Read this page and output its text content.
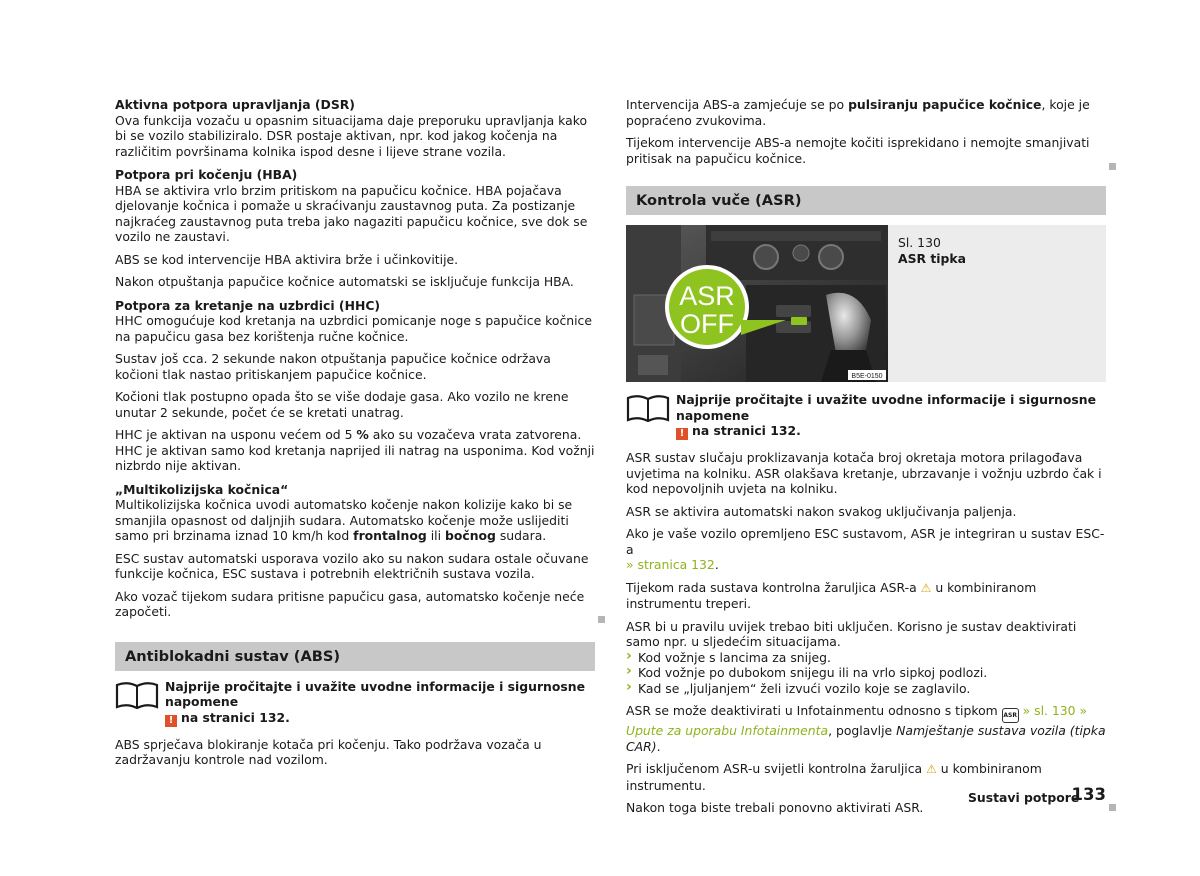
Aktivna potpora upravljanja (DSR)
Ova funkcija vozaču u opasnim situacijama daje preporuku upravljanja kako bi se vozilo stabiliziralo. DSR postaje aktivan, npr. kod jakog kočenja na različitim površinama kolnika ispod desne i lijeve strane vozila.
Potpora pri kočenju (HBA)
HBA se aktivira vrlo brzim pritiskom na papučicu kočnice. HBA pojačava djelovanje kočnica i pomaže u skraćivanju zaustavnog puta. Za postizanje najkraćeg zaustavnog puta treba jako nagaziti papučicu kočnice, sve dok se vozilo ne zaustavi.

ABS se kod intervencije HBA aktivira brže i učinkovitije.

Nakon otpuštanja papučice kočnice automatski se isključuje funkcija HBA.

Potpora za kretanje na uzbrdici (HHC)
HHC omogućuje kod kretanja na uzbrdici pomicanje noge s papučice kočnice na papučicu gasa bez korištenja ručne kočnice.

Sustav još cca. 2 sekunde nakon otpuštanja papučice kočnice održava kočioni tlak nastao pritiskanjem papučice kočnice.

Kočioni tlak postupno opada što se više dodaje gasa. Ako vozilo ne krene unutar 2 sekunde, počet će se kretati unatrag.

HHC je aktivan na usponu većem od 5 % ako su vozačeva vrata zatvorena. HHC je aktivan samo kod kretanja naprijed ili natrag na usponima. Kod vožnji nizbrdo nije aktivan.

„Multikolizijska kočnica“
Multikolizijska kočnica uvodi automatsko kočenje nakon kolizije kako bi se smanjila opasnost od daljnjih sudara. Automatsko kočenje može uslijediti samo pri brzinama iznad 10 km/h kod frontalnog ili bočnog sudara.

ESC sustav automatski usporava vozilo ako su nakon sudara ostale očuvane funkcije kočnica, ESC sustava i potrebnih električnih sustava vozila.

Ako vozač tijekom sudara pritisne papučicu gasa, automatsko kočenje neće započeti.

Antiblokadni sustav (ABS)
Najprije pročitajte i uvažite uvodne informacije i sigurnosne napomene
! na stranici 132.

ABS sprječava blokiranje kotača pri kočenju. Tako podržava vozača u zadržavanju kontrole nad vozilom.

Intervencija ABS-a zamjećuje se po pulsiranju papučice kočnice, koje je popraćeno zvukovima.

Tijekom intervencije ABS-a nemojte kočiti isprekidano i nemojte smanjivati pritisak na papučicu kočnice.

Kontrola vuče (ASR)
ASR
OFF
B5E-0150
Sl. 130
ASR tipka
Najprije pročitajte i uvažite uvodne informacije i sigurnosne napomene
! na stranici 132.

ASR sustav slučaju proklizavanja kotača broj okretaja motora prilagođava uvjetima na kolniku. ASR olakšava kretanje, ubrzavanje i vožnju uzbrdo čak i kod nepovoljnih uvjeta na kolniku.

ASR se aktivira automatski nakon svakog uključivanja paljenja.

Ako je vaše vozilo opremljeno ESC sustavom, ASR je integriran u sustav ESC-a
» stranica 132.

Tijekom rada sustava kontrolna žaruljica ASR-a ⚠ u kombiniranom instrumentu treperi.

ASR bi u pravilu uvijek trebao biti uključen. Korisno je sustav deaktivirati samo npr. u sljedećim situacijama.
› Kod vožnje s lancima za snijeg.
› Kod vožnje po dubokom snijegu ili na vrlo sipkoj podlozi.
› Kad se „ljuljanjem“ želi izvući vozilo koje se zaglavilo.

ASR se može deaktivirati u Infotainmentu odnosno s tipkom ASR » sl. 130 » Upute za uporabu Infotainmenta, poglavlje Namještanje sustava vozila (tipka CAR).

Pri isključenom ASR-u svijetli kontrolna žaruljica ⚠ u kombiniranom instrumentu.

Nakon toga biste trebali ponovno aktivirati ASR.

Sustavi potpore
133
